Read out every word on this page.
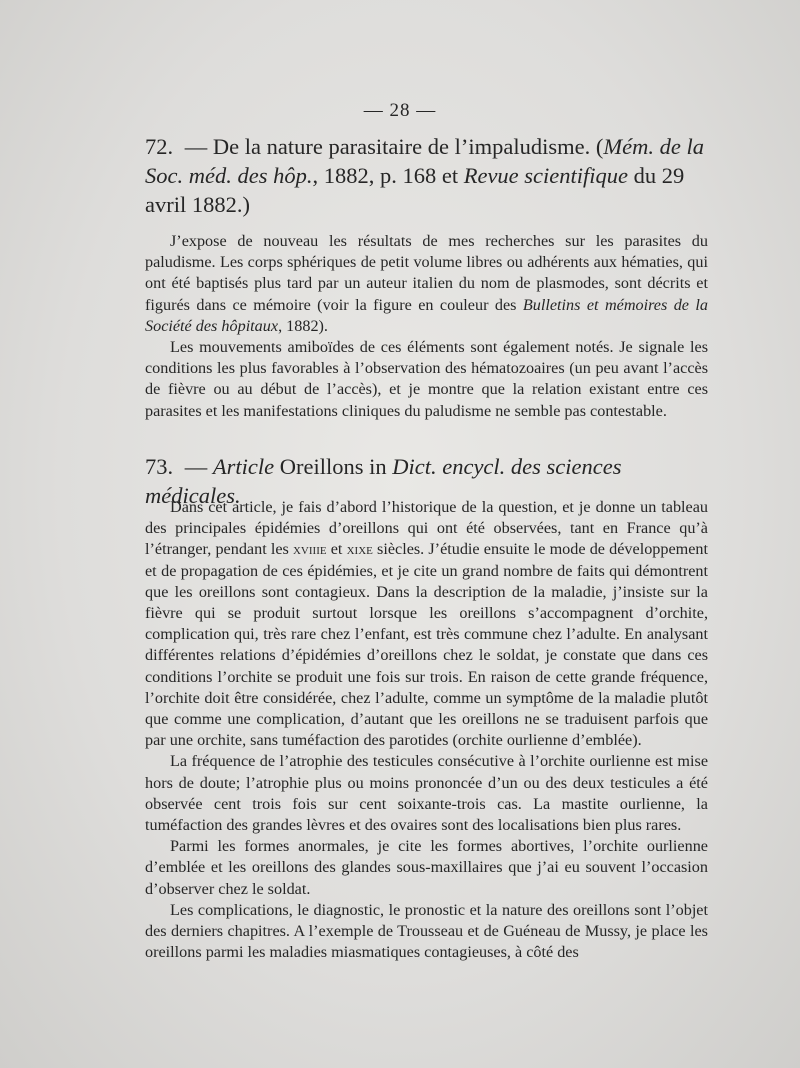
— 28 —
72. — De la nature parasitaire de l’impaludisme. (Mém. de la Soc. méd. des hôp., 1882, p. 168 et Revue scientifique du 29 avril 1882.)

J’expose de nouveau les résultats de mes recherches sur les parasites du paludisme. Les corps sphériques de petit volume libres ou adhérents aux hématies, qui ont été baptisés plus tard par un auteur italien du nom de plasmodes, sont décrits et figurés dans ce mémoire (voir la figure en couleur des Bulletins et mémoires de la Société des hôpitaux, 1882).

Les mouvements amiboïdes de ces éléments sont également notés. Je signale les conditions les plus favorables à l’observation des hématozoaires (un peu avant l’accès de fièvre ou au début de l’accès), et je montre que la relation existant entre ces parasites et les manifestations cliniques du paludisme ne semble pas contestable.

73. — Article Oreillons in Dict. encycl. des sciences médicales.

Dans cet article, je fais d’abord l’historique de la question, et je donne un tableau des principales épidémies d’oreillons qui ont été observées, tant en France qu’à l’étranger, pendant les xviiie et xixe siècles. J’étudie ensuite le mode de développement et de propagation de ces épidémies, et je cite un grand nombre de faits qui démontrent que les oreillons sont contagieux. Dans la description de la maladie, j’insiste sur la fièvre qui se produit surtout lorsque les oreillons s’accompagnent d’orchite, complication qui, très rare chez l’enfant, est très commune chez l’adulte. En analysant différentes relations d’épidémies d’oreillons chez le soldat, je constate que dans ces conditions l’orchite se produit une fois sur trois. En raison de cette grande fréquence, l’orchite doit être considérée, chez l’adulte, comme un symptôme de la maladie plutôt que comme une complication, d’autant que les oreillons ne se traduisent parfois que par une orchite, sans tuméfaction des parotides (orchite ourlienne d’emblée).

La fréquence de l’atrophie des testicules consécutive à l’orchite ourlienne est mise hors de doute; l’atrophie plus ou moins prononcée d’un ou des deux testicules a été observée cent trois fois sur cent soixante-trois cas. La mastite ourlienne, la tuméfaction des grandes lèvres et des ovaires sont des localisations bien plus rares.

Parmi les formes anormales, je cite les formes abortives, l’orchite ourlienne d’emblée et les oreillons des glandes sous-maxillaires que j’ai eu souvent l’occasion d’observer chez le soldat.

Les complications, le diagnostic, le pronostic et la nature des oreillons sont l’objet des derniers chapitres. A l’exemple de Trousseau et de Guéneau de Mussy, je place les oreillons parmi les maladies miasmatiques contagieuses, à côté des
